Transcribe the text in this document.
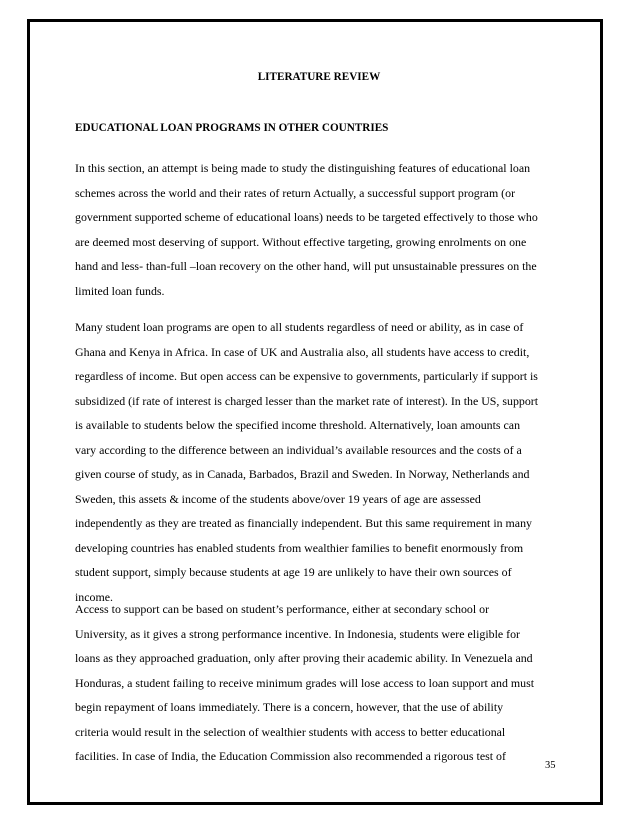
LITERATURE REVIEW
EDUCATIONAL LOAN PROGRAMS IN OTHER COUNTRIES
In this section, an attempt is being made to study the distinguishing features of educational loan
schemes across the world and their rates of return Actually, a successful support program (or
government supported scheme of educational loans) needs to be targeted effectively to those who
are deemed most deserving of support. Without effective targeting, growing enrolments on one
hand and less- than-full –loan recovery on the other hand, will put unsustainable pressures on the
limited loan funds.
Many student loan programs are open to all students regardless of need or ability, as in case of
Ghana and Kenya in Africa. In case of UK and Australia also, all students have access to credit,
regardless of income. But open access can be expensive to governments, particularly if support is
subsidized (if rate of interest is charged lesser than the market rate of interest). In the US, support
is available to students below the specified income threshold. Alternatively, loan amounts can
vary according to the difference between an individual’s available resources and the costs of a
given course of study, as in Canada, Barbados, Brazil and Sweden. In Norway, Netherlands and
Sweden, this assets & income of the students above/over 19 years of age are assessed
independently as they are treated as financially independent. But this same requirement in many
developing countries has enabled students from wealthier families to benefit enormously from
student support, simply because students at age 19 are unlikely to have their own sources of
income.
Access to support can be based on student’s performance, either at secondary school or
University, as it gives a strong performance incentive. In Indonesia, students were eligible for
loans as they approached graduation, only after proving their academic ability. In Venezuela and
Honduras, a student failing to receive minimum grades will lose access to loan support and must
begin repayment of loans immediately. There is a concern, however, that the use of ability
criteria would result in the selection of wealthier students with access to better educational
facilities. In case of India, the Education Commission also recommended a rigorous test of
35
